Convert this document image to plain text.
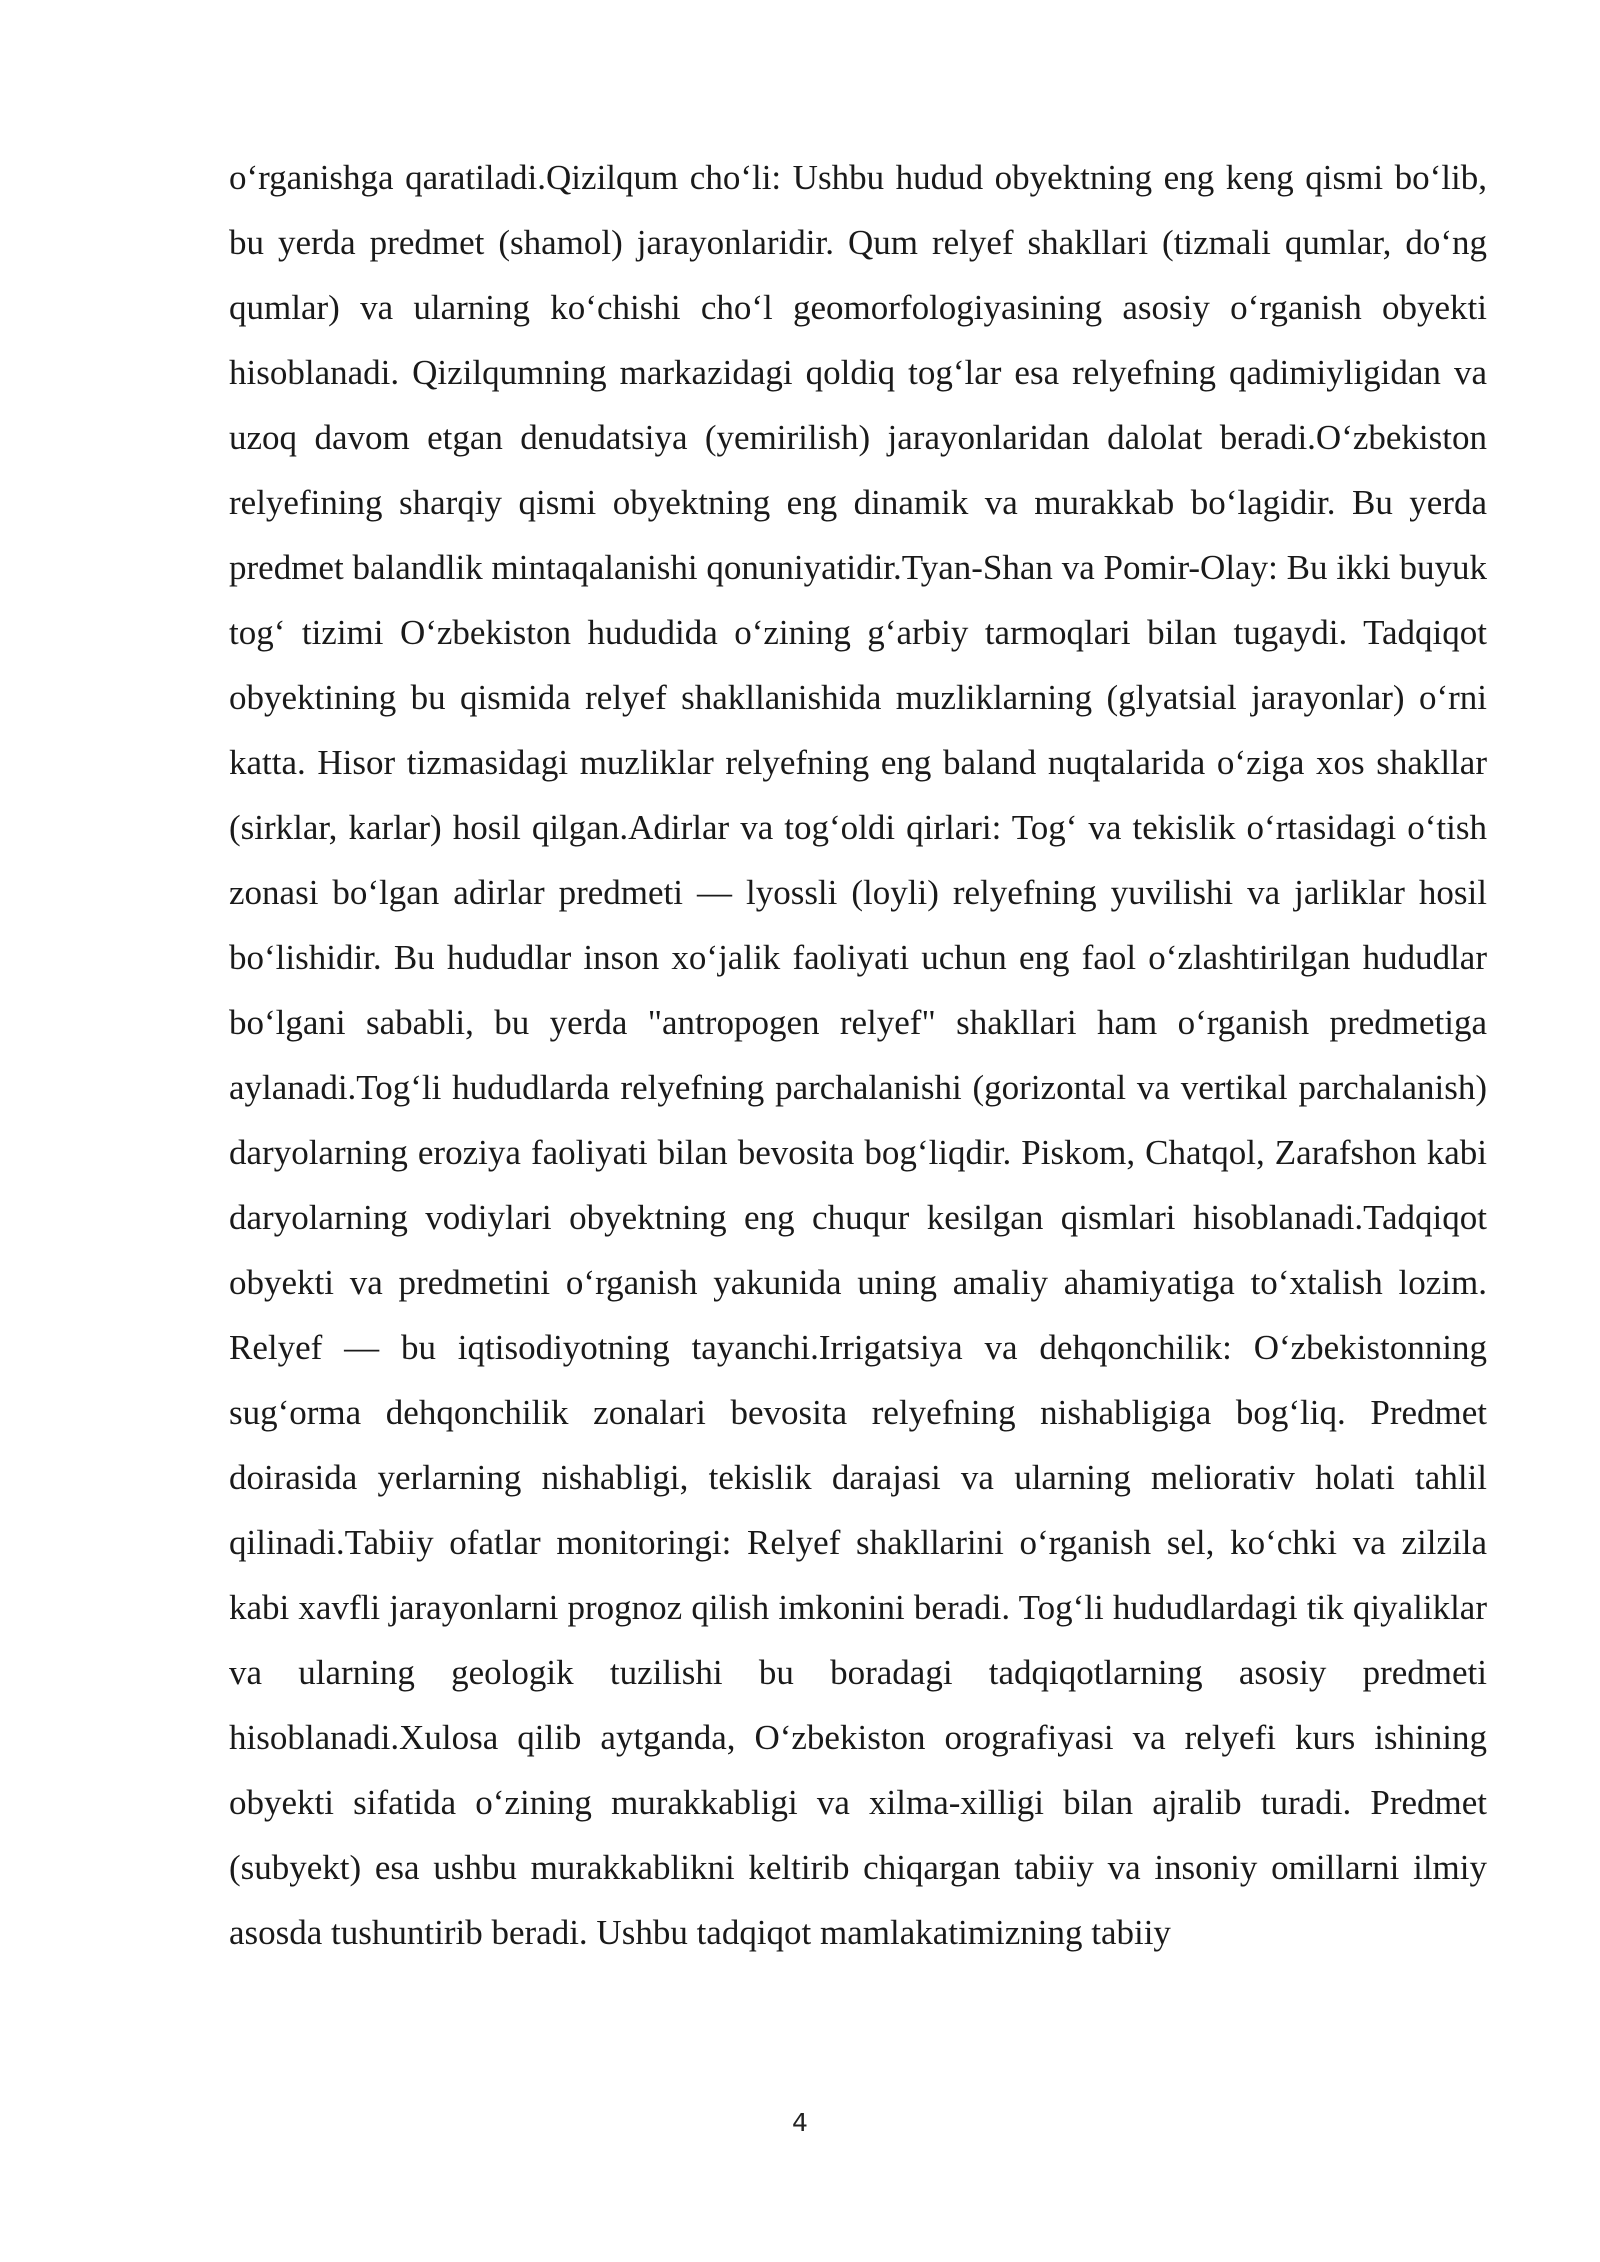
o‘rganishga qaratiladi.Qizilqum cho‘li: Ushbu hudud obyektning eng keng qismi bo‘lib, bu yerda predmet (shamol) jarayonlaridir. Qum relyef shakllari (tizmali qumlar, do‘ng qumlar) va ularning ko‘chishi cho‘l geomorfologiyasining asosiy o‘rganish obyekti hisoblanadi. Qizilqumning markazidagi qoldiq tog‘lar esa relyefning qadimiyligidan va uzoq davom etgan denudatsiya (yemirilish) jarayonlaridan dalolat beradi.O‘zbekiston relyefining sharqiy qismi obyektning eng dinamik va murakkab bo‘lagidir. Bu yerda predmet balandlik mintaqalanishi qonuniyatidir.Tyan-Shan va Pomir-Olay: Bu ikki buyuk tog‘ tizimi O‘zbekiston hududida o‘zining g‘arbiy tarmoqlari bilan tugaydi. Tadqiqot obyektining bu qismida relyef shakllanishida muzliklarning (glyatsial jarayonlar) o‘rni katta. Hisor tizmasidagi muzliklar relyefning eng baland nuqtalarida o‘ziga xos shakllar (sirklar, karlar) hosil qilgan.Adirlar va tog‘oldi qirlari: Tog‘ va tekislik o‘rtasidagi o‘tish zonasi bo‘lgan adirlar predmeti — lyossli (loyli) relyefning yuvilishi va jarliklar hosil bo‘lishidir. Bu hududlar inson xo‘jalik faoliyati uchun eng faol o‘zlashtirilgan hududlar bo‘lgani sababli, bu yerda "antropogen relyef" shakllari ham o‘rganish predmetiga aylanadi.Tog‘li hududlarda relyefning parchalanishi (gorizontal va vertikal parchalanish) daryolarning eroziya faoliyati bilan bevosita bog‘liqdir. Piskom, Chatqol, Zarafshon kabi daryolarning vodiylari obyektning eng chuqur kesilgan qismlari hisoblanadi.Tadqiqot obyekti va predmetini o‘rganish yakunida uning amaliy ahamiyatiga to‘xtalish lozim. Relyef — bu iqtisodiyotning tayanchi.Irrigatsiya va dehqonchilik: O‘zbekistonning sug‘orma dehqonchilik zonalari bevosita relyefning nishabligiga bog‘liq. Predmet doirasida yerlarning nishabligi, tekislik darajasi va ularning meliorativ holati tahlil qilinadi.Tabiiy ofatlar monitoringi: Relyef shakllarini o‘rganish sel, ko‘chki va zilzila kabi xavfli jarayonlarni prognoz qilish imkonini beradi. Tog‘li hududlardagi tik qiyaliklar va ularning geologik tuzilishi bu boradagi tadqiqotlarning asosiy predmeti hisoblanadi.Xulosa qilib aytganda, O‘zbekiston orografiyasi va relyefi kurs ishining obyekti sifatida o‘zining murakkabligi va xilma-xilligi bilan ajralib turadi. Predmet (subyekt) esa ushbu murakkablikni keltirib chiqargan tabiiy va insoniy omillarni ilmiy asosda tushuntirib beradi. Ushbu tadqiqot mamlakatimizning tabiiy

4
